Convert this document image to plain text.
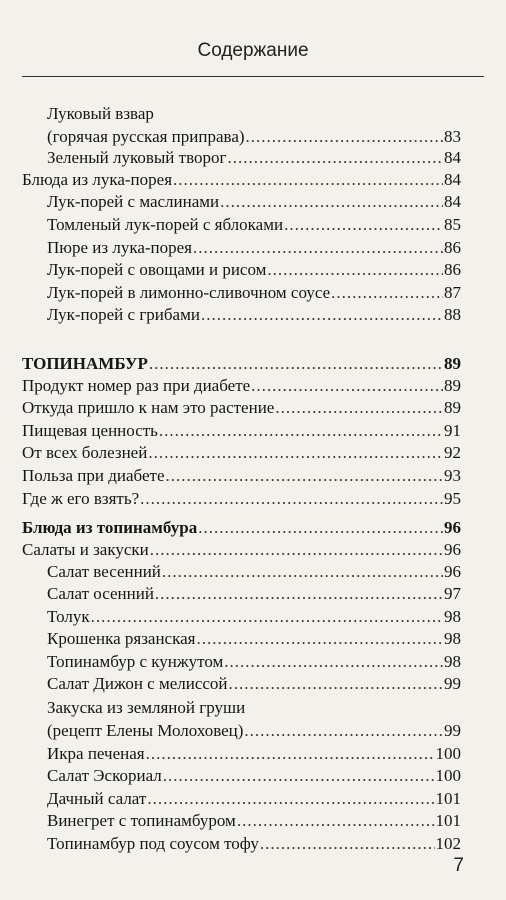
Содержание
Луковый взвар
(горячая русская приправа) .....	83
Зеленый луковый творог .....	84
Блюда из лука-порея .....	84
Лук-порей с маслинами .....	84
Томленый лук-порей с яблоками .....	85
Пюре из лука-порея .....	86
Лук-порей с овощами и рисом .....	86
Лук-порей в лимонно-сливочном соусе .....	87
Лук-порей с грибами .....	88
ТОПИНАМБУР .....	89
Продукт номер раз при диабете .....	89
Откуда пришло к нам это растение .....	89
Пищевая ценность .....	91
От всех болезней .....	92
Польза при диабете .....	93
Где ж его взять? .....	95
Блюда из топинамбура .....	96
Салаты и закуски .....	96
Салат весенний .....	96
Салат осенний .....	97
Толук .....	98
Крошенка рязанская .....	98
Топинамбур с кунжутом .....	98
Салат Дижон с мелиссой .....	99
Закуска из земляной груши
(рецепт Елены Молоховец) .....	99
Икра печеная .....	100
Салат Эскориал .....	100
Дачный салат .....	101
Винегрет с топинамбуром .....	101
Топинамбур под соусом тофу .....	102
7
